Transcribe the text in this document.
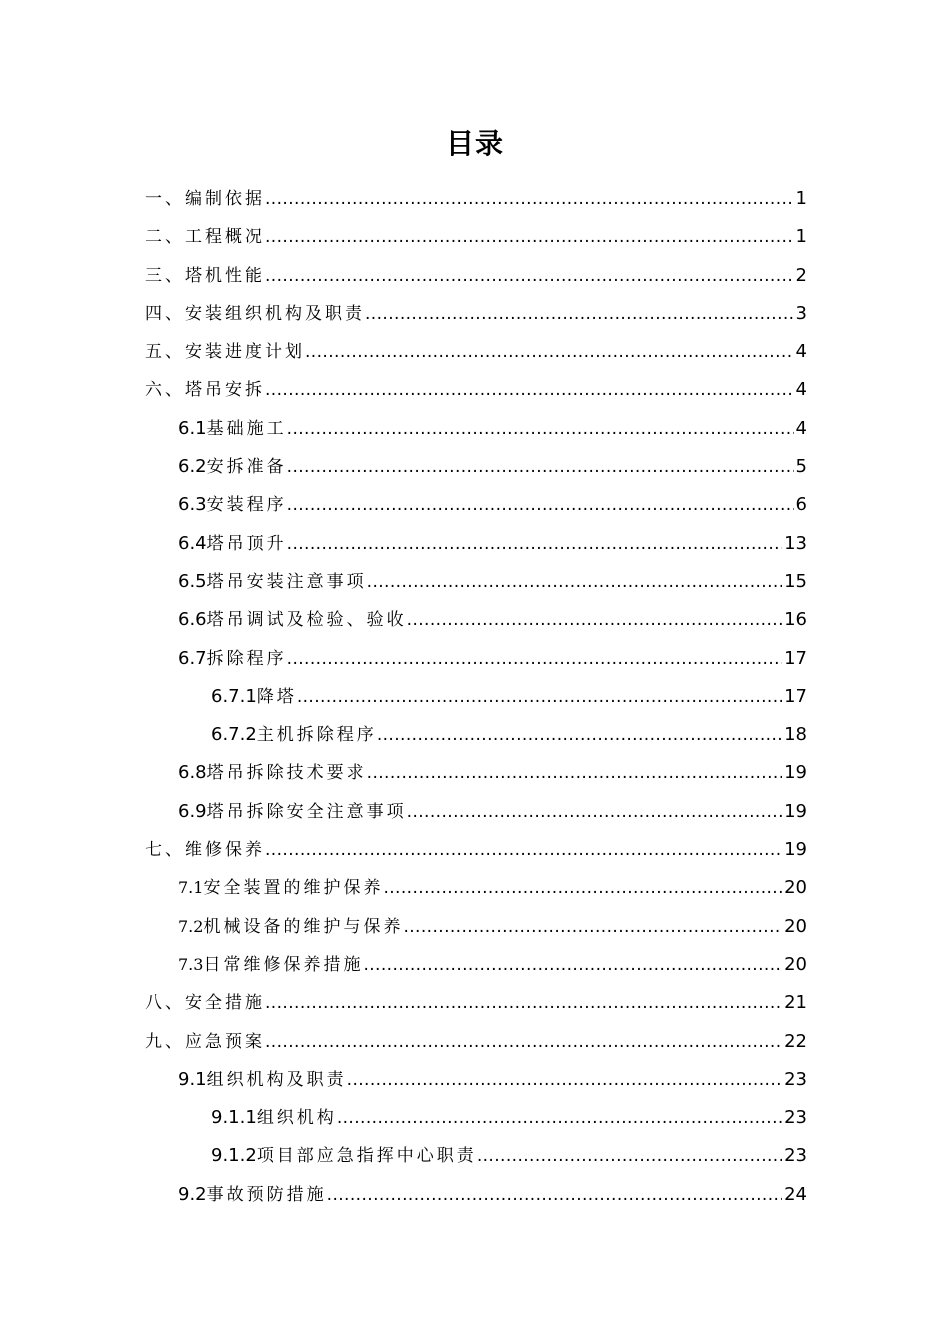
目录
一、编制依据 .....	1
二、工程概况 .....	1
三、塔机性能 .....	2
四、安装组织机构及职责 .....	3
五、安装进度计划 .....	4
六、塔吊安拆 .....	4
6.1 基础施工 .....	4
6.2 安拆准备 .....	5
6.3 安装程序 .....	6
6.4 塔吊顶升 .....	13
6.5 塔吊安装注意事项 .....	15
6.6 塔吊调试及检验、验收 .....	16
6.7 拆除程序 .....	17
6.7.1 降塔 .....	17
6.7.2 主机拆除程序 .....	18
6.8 塔吊拆除技术要求 .....	19
6.9 塔吊拆除安全注意事项 .....	19
七、维修保养 .....	19
7.1 安全装置的维护保养 .....	20
7.2 机械设备的维护与保养 .....	20
7.3 日常维修保养措施 .....	20
八、安全措施 .....	21
九、应急预案 .....	22
9.1 组织机构及职责 .....	23
9.1.1 组织机构 .....	23
9.1.2 项目部应急指挥中心职责 .....	23
9.2 事故预防措施 .....	24
